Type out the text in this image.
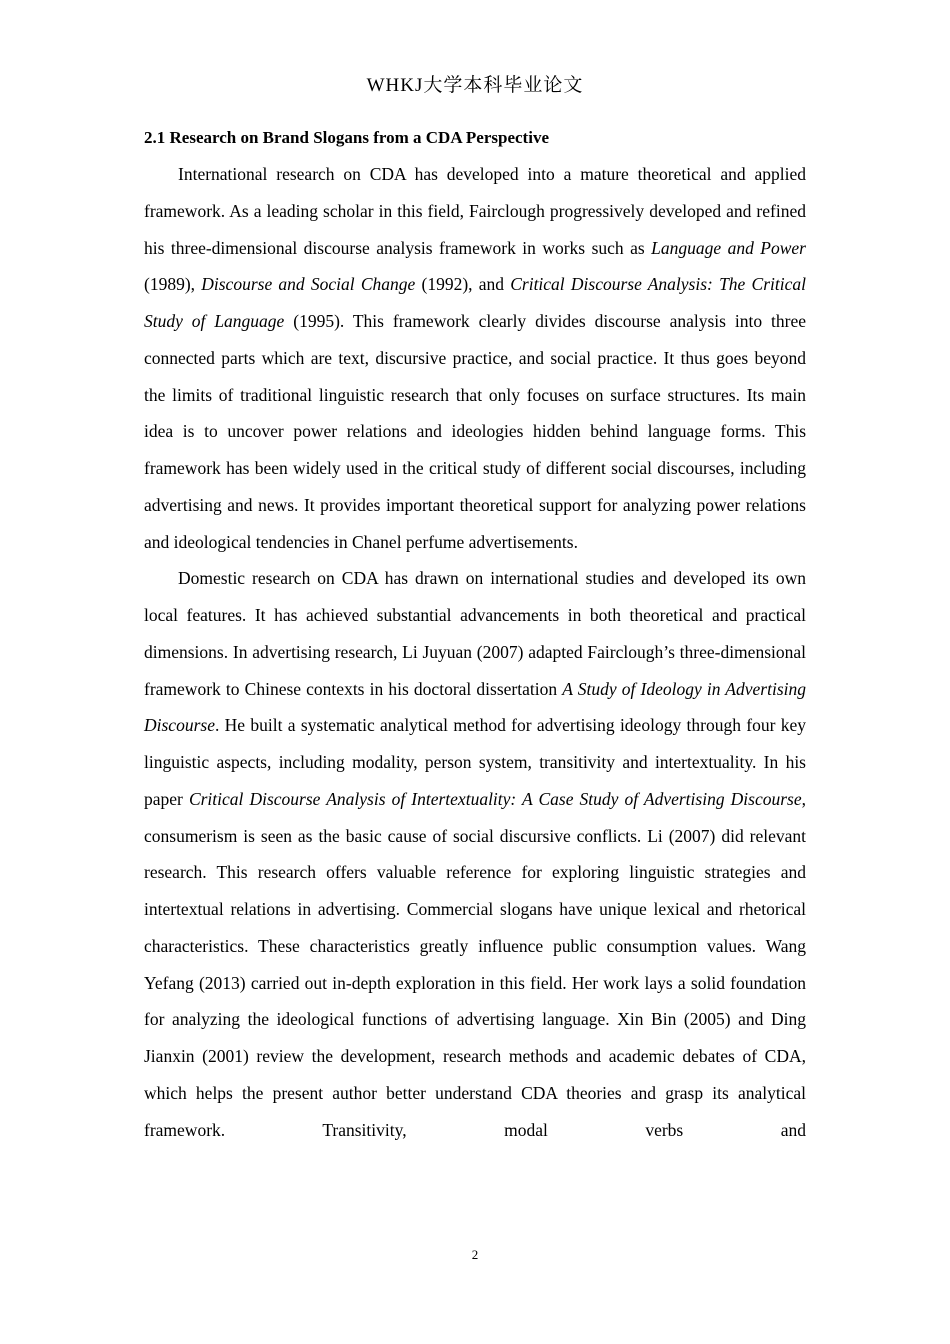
WHKJ大学本科毕业论文
2.1 Research on Brand Slogans from a CDA Perspective

International research on CDA has developed into a mature theoretical and applied framework. As a leading scholar in this field, Fairclough progressively developed and refined his three-dimensional discourse analysis framework in works such as Language and Power (1989), Discourse and Social Change (1992), and Critical Discourse Analysis: The Critical Study of Language (1995). This framework clearly divides discourse analysis into three connected parts which are text, discursive practice, and social practice. It thus goes beyond the limits of traditional linguistic research that only focuses on surface structures. Its main idea is to uncover power relations and ideologies hidden behind language forms. This framework has been widely used in the critical study of different social discourses, including advertising and news. It provides important theoretical support for analyzing power relations and ideological tendencies in Chanel perfume advertisements.

Domestic research on CDA has drawn on international studies and developed its own local features. It has achieved substantial advancements in both theoretical and practical dimensions. In advertising research, Li Juyuan (2007) adapted Fairclough’s three-dimensional framework to Chinese contexts in his doctoral dissertation A Study of Ideology in Advertising Discourse. He built a systematic analytical method for advertising ideology through four key linguistic aspects, including modality, person system, transitivity and intertextuality. In his paper Critical Discourse Analysis of Intertextuality: A Case Study of Advertising Discourse, consumerism is seen as the basic cause of social discursive conflicts. Li (2007) did relevant research. This research offers valuable reference for exploring linguistic strategies and intertextual relations in advertising. Commercial slogans have unique lexical and rhetorical characteristics. These characteristics greatly influence public consumption values. Wang Yefang (2013) carried out in-depth exploration in this field. Her work lays a solid foundation for analyzing the ideological functions of advertising language. Xin Bin (2005) and Ding Jianxin (2001) review the development, research methods and academic debates of CDA, which helps the present author better understand CDA theories and grasp its analytical framework. Transitivity, modal verbs and

2
